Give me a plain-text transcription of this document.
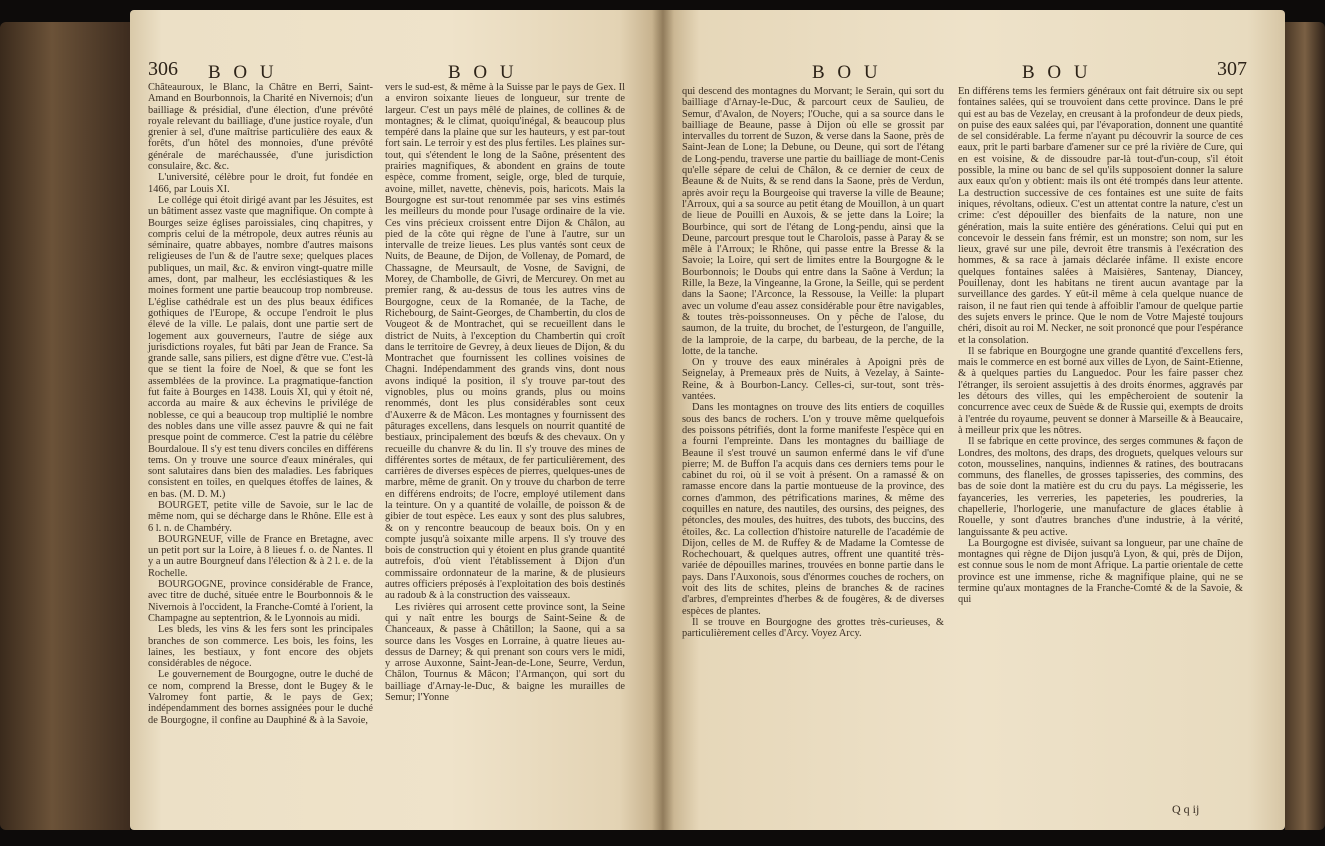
306 B O U	B O U

Châteauroux, le Blanc, la Châtre en Berri, Saint-Amand en Bourbonnois, la Charité en Nivernois; d'un bailliage & présidial, d'une élection, d'une prévôté royale relevant du bailliage, d'une justice royale, d'un grenier à sel, d'une maîtrise particulière des eaux & forêts, d'un hôtel des monnoies, d'une prévôté générale de maréchaussée, d'une jurisdiction consulaire, &c. &c.

L'université, célèbre pour le droit, fut fondée en 1466, par Louis XI.

Le collége qui étoit dirigé avant par les Jésuites, est un bâtiment assez vaste que magnifique. On compte à Bourges seize églises paroissiales, cinq chapitres, y compris celui de la métropole, deux autres réunis au séminaire, quatre abbayes, nombre d'autres maisons religieuses de l'un & de l'autre sexe; quelques places publiques, un mail, &c. & environ vingt-quatre mille ames, dont, par malheur, les ecclésiastiques & les moines forment une partie beaucoup trop nombreuse. L'église cathédrale est un des plus beaux édifices gothiques de l'Europe, & occupe l'endroit le plus élevé de la ville. Le palais, dont une partie sert de logement aux gouverneurs, l'autre de siége aux jurisdictions royales, fut bâti par Jean de France. Sa grande salle, sans piliers, est digne d'être vue. C'est-là que se tient la foire de Noel, & que se font les assemblées de la province. La pragmatique-fanction fut faite à Bourges en 1438. Louis XI, qui y étoit né, accorda au maire & aux échevins le privilége de noblesse, ce qui a beaucoup trop multiplié le nombre des nobles dans une ville assez pauvre & qui ne fait presque point de commerce. C'est la patrie du célèbre Bourdaloue. Il s'y est tenu divers conciles en différens tems. On y trouve une source d'eaux minérales, qui sont salutaires dans bien des maladies. Les fabriques consistent en toiles, en quelques étoffes de laines, & en bas. (M. D. M.)

BOURGET, petite ville de Savoie, sur le lac de même nom, qui se décharge dans le Rhône. Elle est à 6 l. n. de Chambéry.

BOURGNEUF, ville de France en Bretagne, avec un petit port sur la Loire, à 8 lieues f. o. de Nantes. Il y a un autre Bourgneuf dans l'élection & à 2 l. e. de la Rochelle.

BOURGOGNE, province considérable de France, avec titre de duché, située entre le Bourbonnois & le Nivernois à l'occident, la Franche-Comté à l'orient, la Champagne au septentrion, & le Lyonnois au midi.

Les bleds, les vins & les fers sont les principales branches de son commerce. Les bois, les foins, les laines, les bestiaux, y font encore des objets considérables de négoce.

Le gouvernement de Bourgogne, outre le duché de ce nom, comprend la Bresse, dont le Bugey & le Valromey font partie, & le pays de Gex; indépendamment des bornes assignées pour le duché de Bourgogne, il confine au Dauphiné & à la Savoie,

vers le sud-est, & même à la Suisse par le pays de Gex. Il a environ soixante lieues de longueur, sur trente de largeur. C'est un pays mêlé de plaines, de collines & de montagnes; & le climat, quoiqu'inégal, & beaucoup plus tempéré dans la plaine que sur les hauteurs, y est par-tout fort sain. Le terroir y est des plus fertiles. Les plaines sur-tout, qui s'étendent le long de la Saône, présentent des prairies magnifiques, & abondent en grains de toute espèce, comme froment, seigle, orge, bled de turquie, avoine, millet, navette, chènevis, pois, haricots. Mais la Bourgogne est sur-tout renommée par ses vins estimés les meilleurs du monde pour l'usage ordinaire de la vie. Ces vins précieux croissent entre Dijon & Châlon, au pied de la côte qui règne de l'une à l'autre, sur un intervalle de treize lieues. Les plus vantés sont ceux de Nuits, de Beaune, de Dijon, de Vollenay, de Pomard, de Chassagne, de Meursault, de Vosne, de Savigni, de Morey, de Chambolle, de Givri, de Mercurey. On met au premier rang, & au-dessus de tous les autres vins de Bourgogne, ceux de la Romanée, de la Tache, de Richebourg, de Saint-Georges, de Chambertin, du clos de Vougeot & de Montrachet, qui se recueillent dans le district de Nuits, à l'exception du Chambertin qui croît dans le territoire de Gevrey, à deux lieues de Dijon, & du Montrachet que fournissent les collines voisines de Chagni. Indépendamment des grands vins, dont nous avons indiqué la position, il s'y trouve par-tout des vignobles, plus ou moins grands, plus ou moins renommés, dont les plus considérables sont ceux d'Auxerre & de Mâcon. Les montagnes y fournissent des pâturages excellens, dans lesquels on nourrit quantité de bestiaux, principalement des bœufs & des chevaux. On y recueille du chanvre & du lin. Il s'y trouve des mines de différentes sortes de métaux, de fer particulièrement, des carrières de diverses espèces de pierres, quelques-unes de marbre, même de granit. On y trouve du charbon de terre en différens endroits; de l'ocre, employé utilement dans la teinture. On y a quantité de volaille, de poisson & de gibier de tout espèce. Les eaux y sont des plus salubres, & on y rencontre beaucoup de beaux bois. On y en compte jusqu'à soixante mille arpens. Il s'y trouve des bois de construction qui y étoient en plus grande quantité autrefois, d'où vient l'établissement à Dijon d'un commissaire ordonnateur de la marine, & de plusieurs autres officiers préposés à l'exploitation des bois destinés au radoub & à la construction des vaisseaux.

Les rivières qui arrosent cette province sont, la Seine qui y naît entre les bourgs de Saint-Seine & de Chanceaux, & passe à Châtillon; la Saone, qui a sa source dans les Vosges en Lorraine, à quatre lieues au-dessus de Darney; & qui prenant son cours vers le midi, y arrose Auxonne, Saint-Jean-de-Lone, Seurre, Verdun, Châlon, Tournus & Mâcon; l'Armançon, qui sort du bailliage d'Arnay-le-Duc, & baigne les murailles de Semur; l'Yonne

B O U	B O U	307

qui descend des montagnes du Morvant; le Serain, qui sort du bailliage d'Arnay-le-Duc, & parcourt ceux de Saulieu, de Semur, d'Avalon, de Noyers; l'Ouche, qui a sa source dans le bailliage de Beaune, passe à Dijon où elle se grossit par intervalles du torrent de Suzon, & verse dans la Saone, près de Saint-Jean de Lone; la Debune, ou Deune, qui sort de l'étang de Long-pendu, traverse une partie du bailliage de mont-Cenis qu'elle sépare de celui de Châlon, & ce dernier de ceux de Beaune & de Nuits, & se rend dans la Saone, près de Verdun, après avoir reçu la Bourgeoise qui traverse la ville de Beaune; l'Arroux, qui a sa source au petit étang de Mouillon, à un quart de lieue de Pouilli en Auxois, & se jette dans la Loire; la Bourbince, qui sort de l'étang de Long-pendu, ainsi que la Deune, parcourt presque tout le Charolois, passe à Paray & se mêle à l'Arroux; le Rhône, qui passe entre la Bresse & la Savoie; la Loire, qui sert de limites entre la Bourgogne & le Bourbonnois; le Doubs qui entre dans la Saône à Verdun; la Rille, la Beze, la Vingeanne, la Grone, la Seille, qui se perdent dans la Saone; l'Arconce, la Ressouse, la Veille: la plupart avec un volume d'eau assez considérable pour être navigables, & toutes très-poissonneuses. On y pêche de l'alose, du saumon, de la truite, du brochet, de l'esturgeon, de l'anguille, de la lamproie, de la carpe, du barbeau, de la perche, de la lotte, de la tanche.

On y trouve des eaux minérales à Apoigni près de Seignelay, à Premeaux près de Nuits, à Vezelay, à Sainte-Reine, & à Bourbon-Lancy. Celles-ci, sur-tout, sont très-vantées.

Dans les montagnes on trouve des lits entiers de coquilles sous des bancs de rochers. L'on y trouve même quelquefois des poissons pétrifiés, dont la forme manifeste l'espèce qui en a fourni l'empreinte. Dans les montagnes du bailliage de Beaune il s'est trouvé un saumon enfermé dans le vif d'une pierre; M. de Buffon l'a acquis dans ces derniers tems pour le cabinet du roi, où il se voit à présent. On a ramassé & on ramasse encore dans la partie montueuse de la province, des cornes d'ammon, des pétrifications marines, & même des coquilles en nature, des nautiles, des oursins, des peignes, des pétoncles, des moules, des huitres, des tubots, des buccins, des étoiles, &c. La collection d'histoire naturelle de l'académie de Dijon, celles de M. de Ruffey & de Madame la Comtesse de Rochechouart, & quelques autres, offrent une quantité très-variée de dépouilles marines, trouvées en bonne partie dans le pays. Dans l'Auxonois, sous d'énormes couches de rochers, on voit des lits de schites, pleins de branches & de racines d'arbres, d'empreintes d'herbes & de fougères, & de diverses espèces de plantes.

Il se trouve en Bourgogne des grottes très-curieuses, & particulièrement celles d'Arcy. Voyez Arcy.

En différens tems les fermiers généraux ont fait détruire six ou sept fontaines salées, qui se trouvoient dans cette province. Dans le pré qui est au bas de Vezelay, en creusant à la profondeur de deux pieds, on puise des eaux salées qui, par l'évaporation, donnent une quantité de sel considérable. La ferme n'ayant pu découvrir la source de ces eaux, prit le parti barbare d'amener sur ce pré la rivière de Cure, qui en est voisine, & de dissoudre par-là tout-d'un-coup, s'il étoit possible, la mine ou banc de sel qu'ils supposoient donner la salure aux eaux qu'on y obtient: mais ils ont été trompés dans leur attente. La destruction successive de ces fontaines est une suite de faits iniques, révoltans, odieux. C'est un attentat contre la nature, c'est un crime: c'est dépouiller des bienfaits de la nature, non une génération, mais la suite entière des générations. Celui qui put en concevoir le dessein fans frémir, est un monstre; son nom, sur les lieux, gravé sur une pile, devroit être transmis à l'exécration des hommes, & sa race à jamais déclarée infâme. Il existe encore quelques fontaines salées à Maisières, Santenay, Diancey, Pouillenay, dont les habitans ne tirent aucun avantage par la surveillance des gardes. Y eût-il même à cela quelque nuance de raison, il ne faut rien qui tende à affoiblir l'amour de quelque partie des sujets envers le prince. Que le nom de Votre Majesté toujours chéri, disoit au roi M. Necker, ne soit prononcé que pour l'espérance et la consolation.

Il se fabrique en Bourgogne une grande quantité d'excellens fers, mais le commerce en est borné aux villes de Lyon, de Saint-Etienne, & à quelques parties du Languedoc. Pour les faire passer chez l'étranger, ils seroient assujettis à des droits énormes, aggravés par les détours des villes, qui les empêcheroient de soutenir la concurrence avec ceux de Suède & de Russie qui, exempts de droits à l'entrée du royaume, peuvent se donner à Marseille & à Beaucaire, à meilleur prix que les nôtres.

Il se fabrique en cette province, des serges communes & façon de Londres, des moltons, des draps, des droguets, quelques velours sur coton, mousselines, nanquins, indiennes & ratines, des boutracans communs, des flanelles, de grosses tapisseries, des commins, des bas de soie dont la matière est du cru du pays. La mégisserie, les fayanceries, les verreries, les papeteries, les poudreries, la chapellerie, l'horlogerie, une manufacture de glaces établie à Rouelle, y sont d'autres branches d'une industrie, à la vérité, languissante & peu active.

La Bourgogne est divisée, suivant sa longueur, par une chaîne de montagnes qui règne de Dijon jusqu'à Lyon, & qui, près de Dijon, est connue sous le nom de mont Afrique. La partie orientale de cette province est une immense, riche & magnifique plaine, qui ne se termine qu'aux montagnes de la Franche-Comté & de la Savoie, & qui

Q q ij
